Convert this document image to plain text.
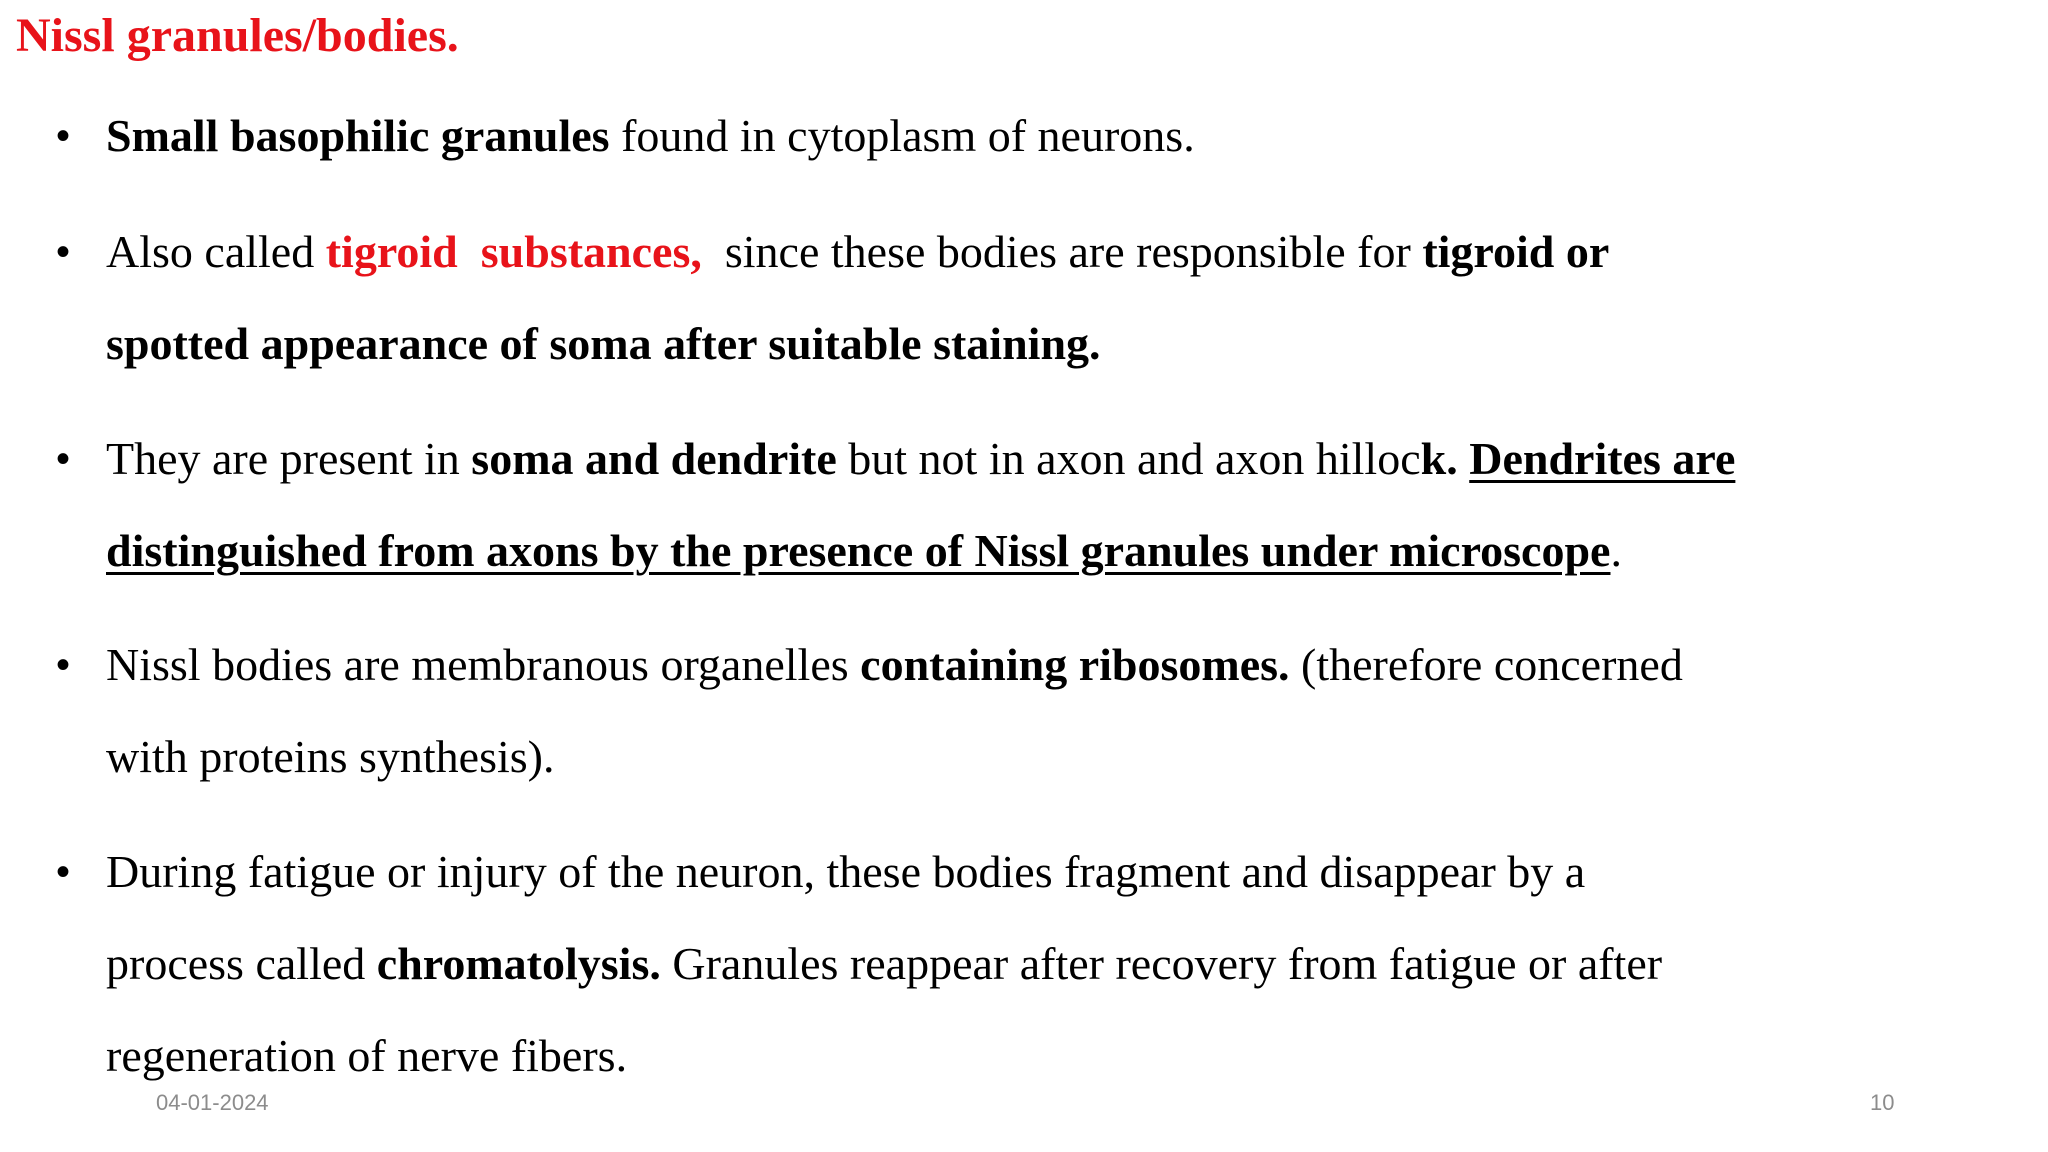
Nissl granules/bodies.
• Small basophilic granules found in cytoplasm of neurons.
• Also called tigroid  substances,  since these bodies are responsible for tigroid or
spotted appearance of soma after suitable staining.
• They are present in soma and dendrite but not in axon and axon hillock. Dendrites are
distinguished from axons by the presence of Nissl granules under microscope.
• Nissl bodies are membranous organelles containing ribosomes. (therefore concerned
with proteins synthesis).
• During fatigue or injury of the neuron, these bodies fragment and disappear by a
process called chromatolysis. Granules reappear after recovery from fatigue or after
regeneration of nerve fibers.
04-01-2024	10
